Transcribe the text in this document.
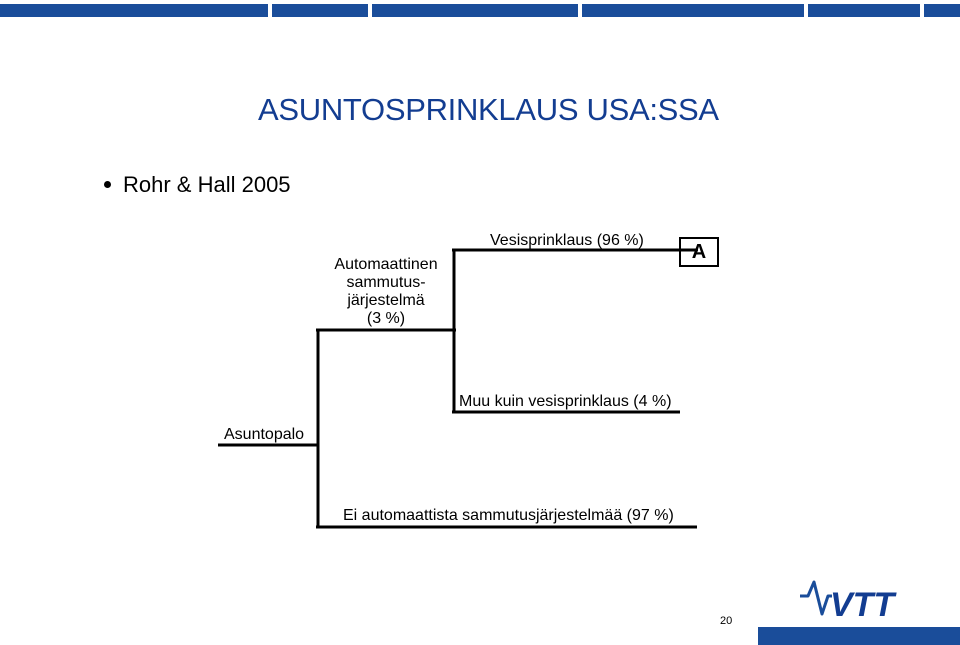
ASUNTOSPRINKLAUS USA:SSA
Rohr & Hall 2005
Asuntopalo
Automaattinen
sammutus-
järjestelmä
(3 %)
Vesisprinklaus (96 %)	A
Muu kuin vesisprinklaus (4 %)
Ei automaattista sammutusjärjestelmää (97 %)
VTT
20
